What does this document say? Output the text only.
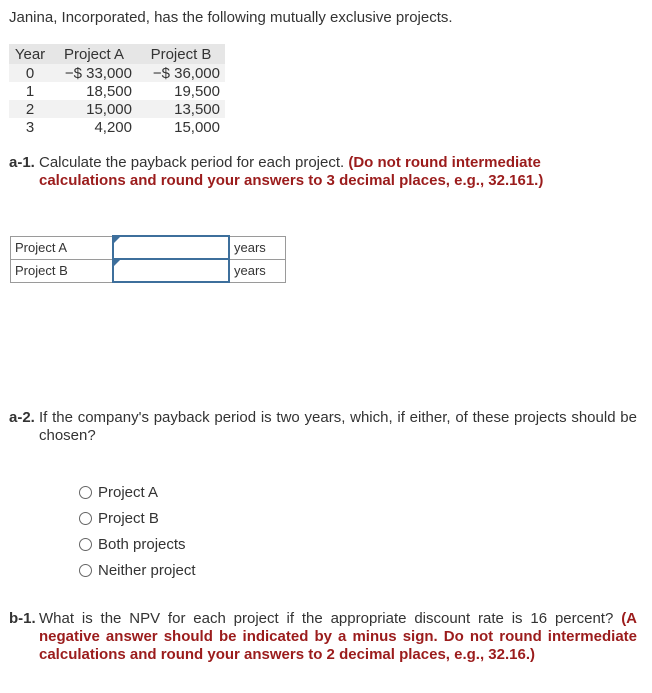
Janina, Incorporated, has the following mutually exclusive projects.
Year	Project A	Project B
0	−$ 33,000	−$ 36,000
1	18,500	19,500
2	15,000	13,500
3	4,200	15,000
a-1. Calculate the payback period for each project. (Do not round intermediate calculations and round your answers to 3 decimal places, e.g., 32.161.)
Project A		years
Project B		years
a-2. If the company's payback period is two years, which, if either, of these projects should be chosen?
Project A
Project B
Both projects
Neither project
b-1. What is the NPV for each project if the appropriate discount rate is 16 percent? (A negative answer should be indicated by a minus sign. Do not round intermediate calculations and round your answers to 2 decimal places, e.g., 32.16.)
